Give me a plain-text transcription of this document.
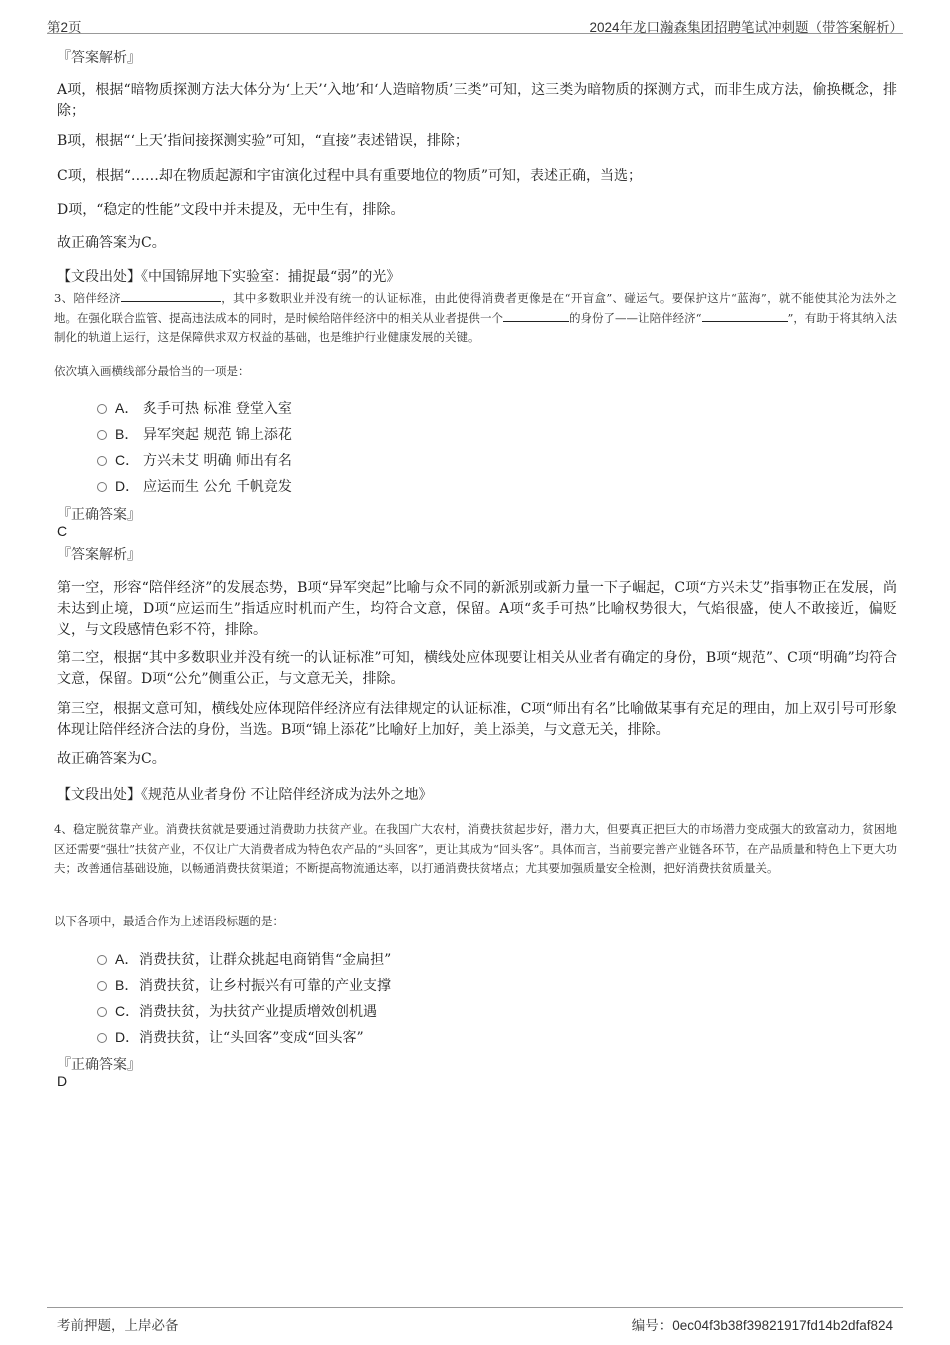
第2页	2024年龙口瀚森集团招聘笔试冲刺题（带答案解析）
『答案解析』
A项，根据“暗物质探测方法大体分为‘上天’‘入地’和‘人造暗物质’三类”可知，这三类为暗物质的探测方式，而非生成方法，偷换概念，排除；
B项，根据“‘上天’指间接探测实验”可知，“直接”表述错误，排除；
C项，根据“……却在物质起源和宇宙演化过程中具有重要地位的物质”可知，表述正确，当选；
D项，“稳定的性能”文段中并未提及，无中生有，排除。
故正确答案为C。
【文段出处】《中国锦屏地下实验室：捕捉最“弱”的光》
3、陪伴经济	，其中多数职业并没有统一的认证标准，由此使得消费者更像是在“开盲盒”、碰运气。要保护这片“蓝海”，就不能使其沦为法外之地。在强化联合监管、提高违法成本的同时，是时候给陪伴经济中的相关从业者提供一个	的身份了——让陪伴经济“	”，有助于将其纳入法制化的轨道上运行，这是保障供求双方权益的基础，也是维护行业健康发展的关键。
依次填入画横线部分最恰当的一项是：
A． 炙手可热 标准 登堂入室
B． 异军突起 规范 锦上添花
C． 方兴未艾 明确 师出有名
D． 应运而生 公允 千帆竞发
『正确答案』
C
『答案解析』
第一空，形容“陪伴经济”的发展态势，B项“异军突起”比喻与众不同的新派别或新力量一下子崛起，C项“方兴未艾”指事物正在发展，尚未达到止境，D项“应运而生”指适应时机而产生，均符合文意，保留。A项“炙手可热”比喻权势很大，气焰很盛，使人不敢接近，偏贬义，与文段感情色彩不符，排除。
第二空，根据“其中多数职业并没有统一的认证标准”可知，横线处应体现要让相关从业者有确定的身份，B项“规范”、C项“明确”均符合文意，保留。D项“公允”侧重公正，与文意无关，排除。
第三空，根据文意可知，横线处应体现陪伴经济应有法律规定的认证标准，C项“师出有名”比喻做某事有充足的理由，加上双引号可形象体现让陪伴经济合法的身份，当选。B项“锦上添花”比喻好上加好，美上添美，与文意无关，排除。
故正确答案为C。
【文段出处】《规范从业者身份 不让陪伴经济成为法外之地》
4、稳定脱贫靠产业。消费扶贫就是要通过消费助力扶贫产业。在我国广大农村，消费扶贫起步好，潜力大，但要真正把巨大的市场潜力变成强大的致富动力，贫困地区还需要“强壮”扶贫产业，不仅让广大消费者成为特色农产品的“头回客”，更让其成为“回头客”。具体而言，当前要完善产业链各环节，在产品质量和特色上下更大功夫；改善通信基础设施，以畅通消费扶贫渠道；不断提高物流通达率，以打通消费扶贫堵点；尤其要加强质量安全检测，把好消费扶贫质量关。
以下各项中，最适合作为上述语段标题的是：
A．消费扶贫，让群众挑起电商销售“金扁担”
B．消费扶贫，让乡村振兴有可靠的产业支撑
C．消费扶贫，为扶贫产业提质增效创机遇
D．消费扶贫，让“头回客”变成“回头客”
『正确答案』
D
考前押题，上岸必备	编号：0ec04f3b38f39821917fd14b2dfaf824
